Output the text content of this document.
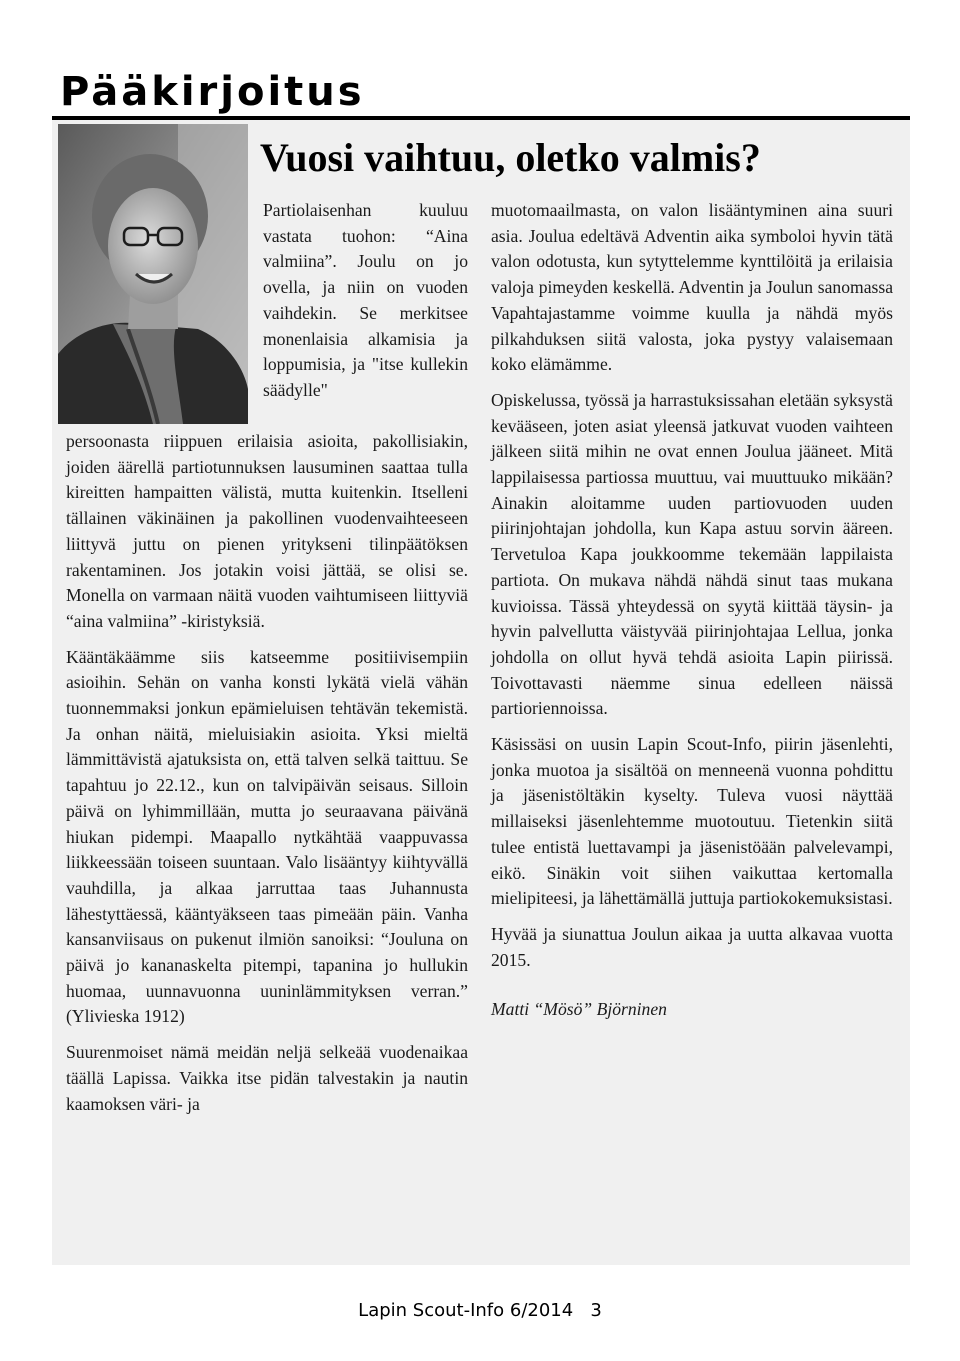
Pääkirjoitus
Vuosi vaihtuu, oletko valmis?

Partiolaisenhan kuuluu vastata tuohon: “Aina valmiina”. Joulu on jo ovella, ja niin on vuoden vaihdekin. Se merkitsee monenlaisia alkamisia ja loppumisia, ja "itse kullekin säädylle"

persoonasta riippuen erilaisia asioita, pakollisiakin, joiden äärellä partiotunnuksen lausuminen saattaa tulla kireitten hampaitten välistä, mutta kuitenkin. Itselleni tällainen väkinäinen ja pakollinen vuodenvaihteeseen liittyvä juttu on pienen yritykseni tilinpäätöksen rakentaminen. Jos jotakin voisi jättää, se olisi se. Monella on varmaan näitä vuoden vaihtumiseen liittyviä “aina valmiina” -kiristyksiä.

Kääntäkäämme siis katseemme positiivisempiin asioihin. Sehän on vanha konsti lykätä vielä vähän tuonnemmaksi jonkun epämieluisen tehtävän tekemistä. Ja onhan näitä, mieluisiakin asioita. Yksi mieltä lämmittävistä ajatuksista on, että talven selkä taittuu. Se tapahtuu jo 22.12., kun on talvipäivän seisaus. Silloin päivä on lyhimmillään, mutta jo seuraavana päivänä hiukan pidempi. Maapallo nytkähtää vaappuvassa liikkeessään toiseen suuntaan. Valo lisääntyy kiihtyvällä vauhdilla, ja alkaa jarruttaa taas Juhannusta lähestyttäessä, kääntyäkseen taas pimeään päin. Vanha kansanviisaus on pukenut ilmiön sanoiksi: “Jouluna on päivä jo kananaskelta pitempi, tapanina jo hullukin huomaa, uunnavuonna uuninlämmityksen verran.” (Ylivieska 1912)

Suurenmoiset nämä meidän neljä selkeää vuodenaikaa täällä Lapissa. Vaikka itse pidän talvestakin ja nautin kaamoksen väri- ja

muotomaailmasta, on valon lisääntyminen aina suuri asia. Joulua edeltävä Adventin aika symboloi hyvin tätä valon odotusta, kun sytyttelemme kynttilöitä ja erilaisia valoja pimeyden keskellä. Adventin ja Joulun sanomassa Vapahtajastamme voimme kuulla ja nähdä myös pilkahduksen siitä valosta, joka pystyy valaisemaan koko elämämme.

Opiskelussa, työssä ja harrastuksissahan eletään syksystä kevääseen, joten asiat yleensä jatkuvat vuoden vaihteen jälkeen siitä mihin ne ovat ennen Joulua jääneet. Mitä lappilaisessa partiossa muuttuu, vai muuttuuko mikään? Ainakin aloitamme uuden partiovuoden uuden piirinjohtajan johdolla, kun Kapa astuu sorvin ääreen. Tervetuloa Kapa joukkoomme tekemään lappilaista partiota. On mukava nähdä nähdä sinut taas mukana kuvioissa. Tässä yhteydessä on syytä kiittää täysin- ja hyvin palvellutta väistyvää piirinjohtajaa Lellua, jonka johdolla on ollut hyvä tehdä asioita Lapin piirissä. Toivottavasti näemme sinua edelleen näissä partioriennoissa.

Käsissäsi on uusin Lapin Scout-Info, piirin jäsenlehti, jonka muotoa ja sisältöä on menneenä vuonna pohdittu ja jäsenistöltäkin kyselty. Tuleva vuosi näyttää millaiseksi jäsenlehtemme muotoutuu. Tietenkin siitä tulee entistä luettavampi ja jäsenistöään palvelevampi, eikö. Sinäkin voit siihen vaikuttaa kertomalla mielipiteesi, ja lähettämällä juttuja partiokokemuksistasi.

Hyvää ja siunattua Joulun aikaa ja uutta alkavaa vuotta 2015.

Matti “Mösö” Björninen

Lapin Scout-Info 6/2014   3
